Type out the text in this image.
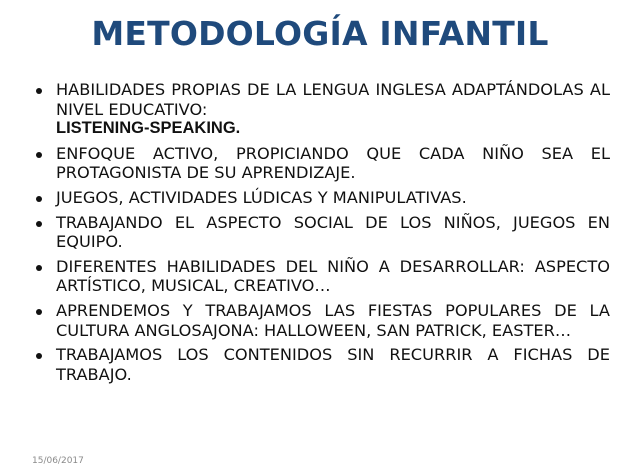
METODOLOGÍA INFANTIL
HABILIDADES PROPIAS DE LA LENGUA INGLESA ADAPTÁNDOLAS AL NIVEL EDUCATIVO:
LISTENING-SPEAKING.
ENFOQUE ACTIVO, PROPICIANDO QUE CADA NIÑO SEA EL PROTAGONISTA DE SU APRENDIZAJE.
JUEGOS, ACTIVIDADES LÚDICAS Y MANIPULATIVAS.
TRABAJANDO EL ASPECTO SOCIAL DE LOS NIÑOS, JUEGOS EN EQUIPO.
DIFERENTES HABILIDADES DEL NIÑO A DESARROLLAR: ASPECTO ARTÍSTICO, MUSICAL, CREATIVO…
APRENDEMOS Y TRABAJAMOS LAS FIESTAS POPULARES DE LA CULTURA ANGLOSAJONA: HALLOWEEN, SAN PATRICK, EASTER…
TRABAJAMOS LOS CONTENIDOS SIN RECURRIR A FICHAS DE TRABAJO.
15/06/2017
